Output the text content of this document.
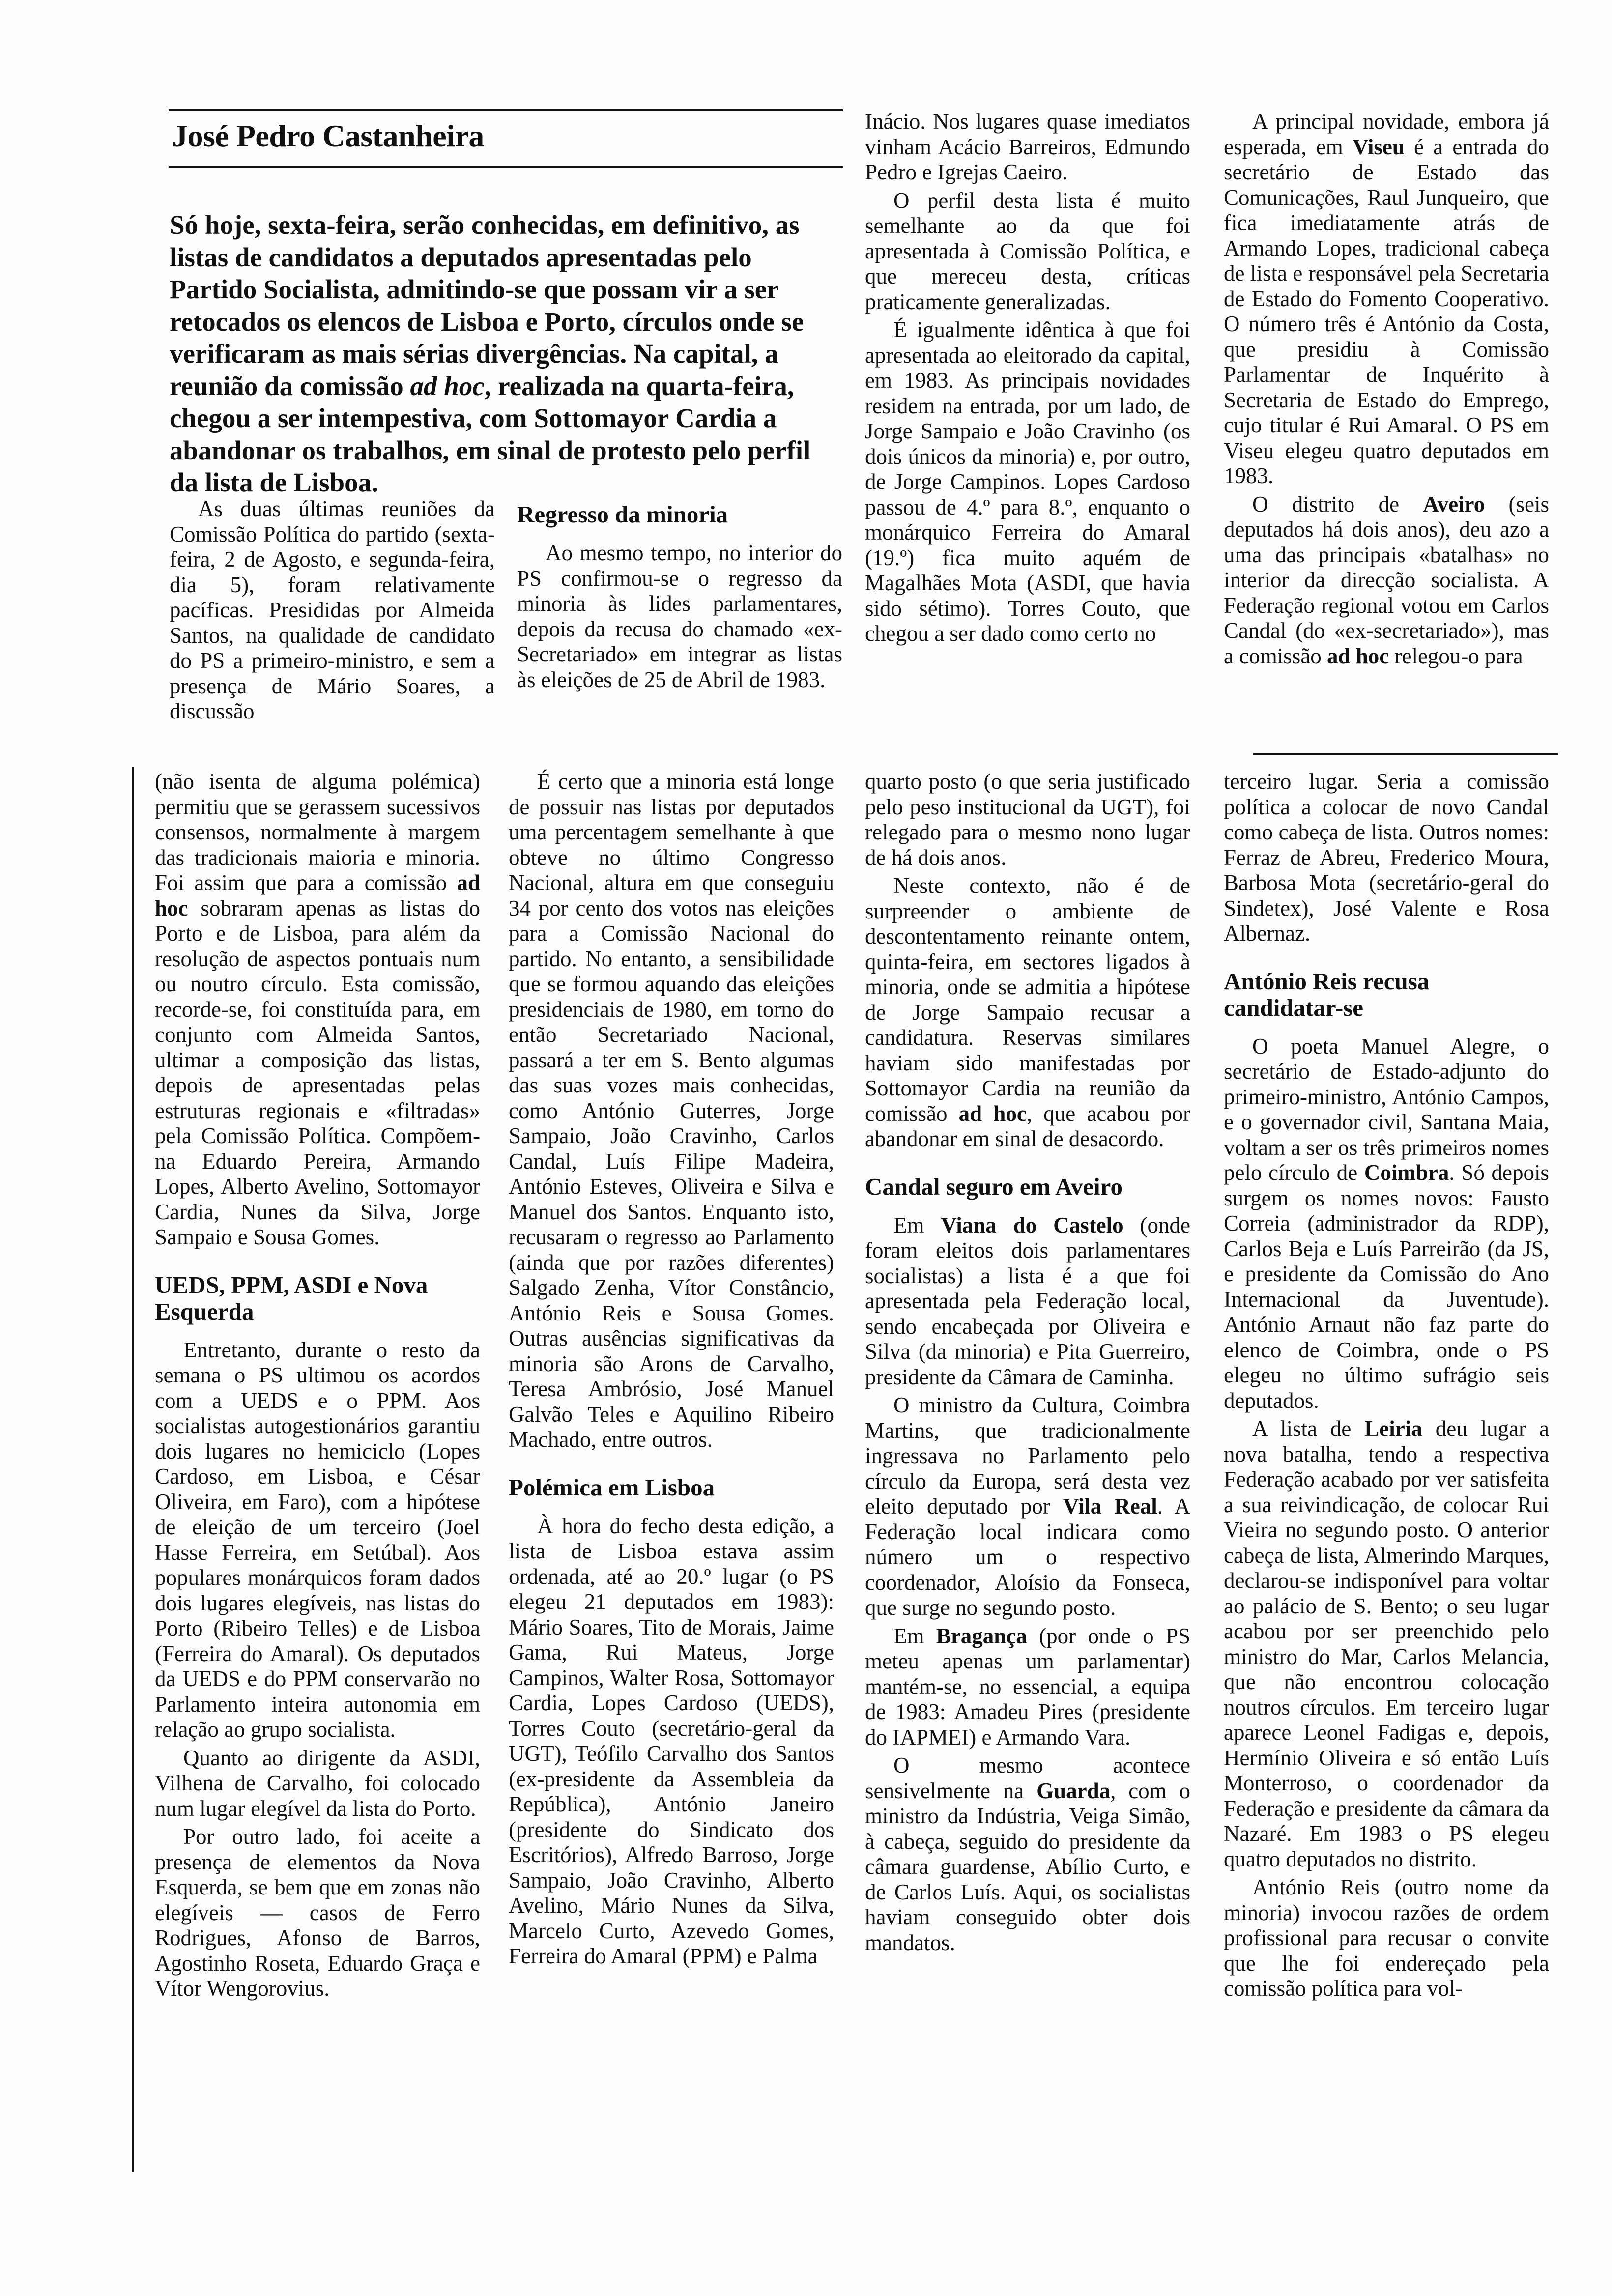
José Pedro Castanheira
Só hoje, sexta-feira, serão conhecidas, em definitivo, as listas de candidatos a deputados apresentadas pelo Partido Socialista, admitindo-se que possam vir a ser retocados os elencos de Lisboa e Porto, círculos onde se verificaram as mais sérias divergências. Na capital, a reunião da comissão ad hoc, realizada na quarta-feira, chegou a ser intempestiva, com Sottomayor Cardia a abandonar os trabalhos, em sinal de protesto pelo perfil da lista de Lisboa.

As duas últimas reuniões da Comissão Política do partido (sexta-feira, 2 de Agosto, e segunda-feira, dia 5), foram relativamente pacíficas. Presididas por Almeida Santos, na qualidade de candidato do PS a primeiro-ministro, e sem a presença de Mário Soares, a discussão

Regresso da minoria

Ao mesmo tempo, no interior do PS confirmou-se o regresso da minoria às lides parlamentares, depois da recusa do chamado «ex-Secretariado» em integrar as listas às eleições de 25 de Abril de 1983.

Inácio. Nos lugares quase imediatos vinham Acácio Barreiros, Edmundo Pedro e Igrejas Caeiro.

O perfil desta lista é muito semelhante ao da que foi apresentada à Comissão Política, e que mereceu desta, críticas praticamente generalizadas.

É igualmente idêntica à que foi apresentada ao eleitorado da capital, em 1983. As principais novidades residem na entrada, por um lado, de Jorge Sampaio e João Cravinho (os dois únicos da minoria) e, por outro, de Jorge Campinos. Lopes Cardoso passou de 4.º para 8.º, enquanto o monárquico Ferreira do Amaral (19.º) fica muito aquém de Magalhães Mota (ASDI, que havia sido sétimo). Torres Couto, que chegou a ser dado como certo no

A principal novidade, embora já esperada, em Viseu é a entrada do secretário de Estado das Comunicações, Raul Junqueiro, que fica imediatamente atrás de Armando Lopes, tradicional cabeça de lista e responsável pela Secretaria de Estado do Fomento Cooperativo. O número três é António da Costa, que presidiu à Comissão Parlamentar de Inquérito à Secretaria de Estado do Emprego, cujo titular é Rui Amaral. O PS em Viseu elegeu quatro deputados em 1983.

O distrito de Aveiro (seis deputados há dois anos), deu azo a uma das principais «batalhas» no interior da direcção socialista. A Federação regional votou em Carlos Candal (do «ex-secretariado»), mas a comissão ad hoc relegou-o para

(não isenta de alguma polémica) permitiu que se gerassem sucessivos consensos, normalmente à margem das tradicionais maioria e minoria. Foi assim que para a comissão ad hoc sobraram apenas as listas do Porto e de Lisboa, para além da resolução de aspectos pontuais num ou noutro círculo. Esta comissão, recorde-se, foi constituída para, em conjunto com Almeida Santos, ultimar a composição das listas, depois de apresentadas pelas estruturas regionais e «filtradas» pela Comissão Política. Compõem-na Eduardo Pereira, Armando Lopes, Alberto Avelino, Sottomayor Cardia, Nunes da Silva, Jorge Sampaio e Sousa Gomes.

UEDS, PPM, ASDI e Nova Esquerda

Entretanto, durante o resto da semana o PS ultimou os acordos com a UEDS e o PPM. Aos socialistas autogestionários garantiu dois lugares no hemiciclo (Lopes Cardoso, em Lisboa, e César Oliveira, em Faro), com a hipótese de eleição de um terceiro (Joel Hasse Ferreira, em Setúbal). Aos populares monárquicos foram dados dois lugares elegíveis, nas listas do Porto (Ribeiro Telles) e de Lisboa (Ferreira do Amaral). Os deputados da UEDS e do PPM conservarão no Parlamento inteira autonomia em relação ao grupo socialista.

Quanto ao dirigente da ASDI, Vilhena de Carvalho, foi colocado num lugar elegível da lista do Porto.

Por outro lado, foi aceite a presença de elementos da Nova Esquerda, se bem que em zonas não elegíveis — casos de Ferro Rodrigues, Afonso de Barros, Agostinho Roseta, Eduardo Graça e Vítor Wengorovius.

É certo que a minoria está longe de possuir nas listas por deputados uma percentagem semelhante à que obteve no último Congresso Nacional, altura em que conseguiu 34 por cento dos votos nas eleições para a Comissão Nacional do partido. No entanto, a sensibilidade que se formou aquando das eleições presidenciais de 1980, em torno do então Secretariado Nacional, passará a ter em S. Bento algumas das suas vozes mais conhecidas, como António Guterres, Jorge Sampaio, João Cravinho, Carlos Candal, Luís Filipe Madeira, António Esteves, Oliveira e Silva e Manuel dos Santos. Enquanto isto, recusaram o regresso ao Parlamento (ainda que por razões diferentes) Salgado Zenha, Vítor Constâncio, António Reis e Sousa Gomes. Outras ausências significativas da minoria são Arons de Carvalho, Teresa Ambrósio, José Manuel Galvão Teles e Aquilino Ribeiro Machado, entre outros.

Polémica em Lisboa

À hora do fecho desta edição, a lista de Lisboa estava assim ordenada, até ao 20.º lugar (o PS elegeu 21 deputados em 1983): Mário Soares, Tito de Morais, Jaime Gama, Rui Mateus, Jorge Campinos, Walter Rosa, Sottomayor Cardia, Lopes Cardoso (UEDS), Torres Couto (secretário-geral da UGT), Teófilo Carvalho dos Santos (ex-presidente da Assembleia da República), António Janeiro (presidente do Sindicato dos Escritórios), Alfredo Barroso, Jorge Sampaio, João Cravinho, Alberto Avelino, Mário Nunes da Silva, Marcelo Curto, Azevedo Gomes, Ferreira do Amaral (PPM) e Palma

quarto posto (o que seria justificado pelo peso institucional da UGT), foi relegado para o mesmo nono lugar de há dois anos.

Neste contexto, não é de surpreender o ambiente de descontentamento reinante ontem, quinta-feira, em sectores ligados à minoria, onde se admitia a hipótese de Jorge Sampaio recusar a candidatura. Reservas similares haviam sido manifestadas por Sottomayor Cardia na reunião da comissão ad hoc, que acabou por abandonar em sinal de desacordo.

Candal seguro em Aveiro

Em Viana do Castelo (onde foram eleitos dois parlamentares socialistas) a lista é a que foi apresentada pela Federação local, sendo encabeçada por Oliveira e Silva (da minoria) e Pita Guerreiro, presidente da Câmara de Caminha.

O ministro da Cultura, Coimbra Martins, que tradicionalmente ingressava no Parlamento pelo círculo da Europa, será desta vez eleito deputado por Vila Real. A Federação local indicara como número um o respectivo coordenador, Aloísio da Fonseca, que surge no segundo posto.

Em Bragança (por onde o PS meteu apenas um parlamentar) mantém-se, no essencial, a equipa de 1983: Amadeu Pires (presidente do IAPMEI) e Armando Vara.

O mesmo acontece sensivelmente na Guarda, com o ministro da Indústria, Veiga Simão, à cabeça, seguido do presidente da câmara guardense, Abílio Curto, e de Carlos Luís. Aqui, os socialistas haviam conseguido obter dois mandatos.

terceiro lugar. Seria a comissão política a colocar de novo Candal como cabeça de lista. Outros nomes: Ferraz de Abreu, Frederico Moura, Barbosa Mota (secretário-geral do Sindetex), José Valente e Rosa Albernaz.

António Reis recusa candidatar-se

O poeta Manuel Alegre, o secretário de Estado-adjunto do primeiro-ministro, António Campos, e o governador civil, Santana Maia, voltam a ser os três primeiros nomes pelo círculo de Coimbra. Só depois surgem os nomes novos: Fausto Correia (administrador da RDP), Carlos Beja e Luís Parreirão (da JS, e presidente da Comissão do Ano Internacional da Juventude). António Arnaut não faz parte do elenco de Coimbra, onde o PS elegeu no último sufrágio seis deputados.

A lista de Leiria deu lugar a nova batalha, tendo a respectiva Federação acabado por ver satisfeita a sua reivindicação, de colocar Rui Vieira no segundo posto. O anterior cabeça de lista, Almerindo Marques, declarou-se indisponível para voltar ao palácio de S. Bento; o seu lugar acabou por ser preenchido pelo ministro do Mar, Carlos Melancia, que não encontrou colocação noutros círculos. Em terceiro lugar aparece Leonel Fadigas e, depois, Hermínio Oliveira e só então Luís Monterroso, o coordenador da Federação e presidente da câmara da Nazaré. Em 1983 o PS elegeu quatro deputados no distrito.

António Reis (outro nome da minoria) invocou razões de ordem profissional para recusar o convite que lhe foi endereçado pela comissão política para vol-
